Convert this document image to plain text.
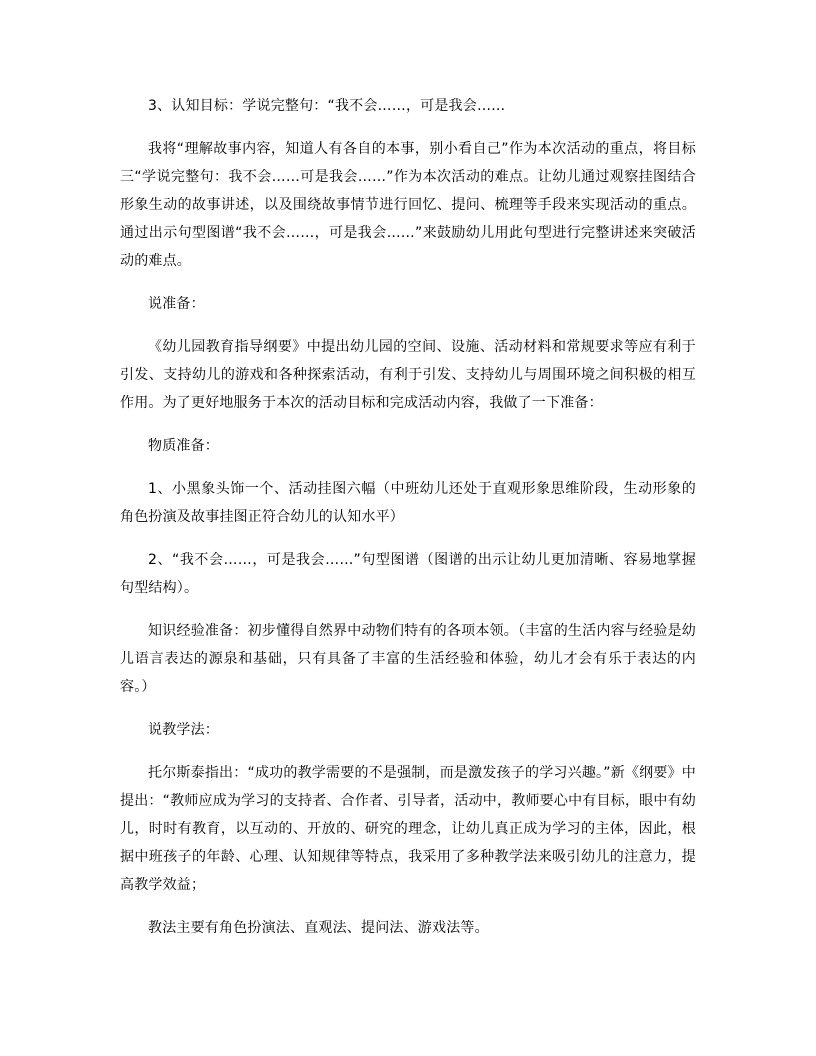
3、认知目标：学说完整句：“我不会……，可是我会……

我将“理解故事内容，知道人有各自的本事，别小看自己”作为本次活动的重点，将目标三“学说完整句：我不会……可是我会……”作为本次活动的难点。让幼儿通过观察挂图结合形象生动的故事讲述，以及围绕故事情节进行回忆、提问、梳理等手段来实现活动的重点。通过出示句型图谱“我不会……，可是我会……”来鼓励幼儿用此句型进行完整讲述来突破活动的难点。

说准备：

《幼儿园教育指导纲要》中提出幼儿园的空间、设施、活动材料和常规要求等应有利于引发、支持幼儿的游戏和各种探索活动，有利于引发、支持幼儿与周围环境之间积极的相互作用。为了更好地服务于本次的活动目标和完成活动内容，我做了一下准备：

物质准备：

1、小黑象头饰一个、活动挂图六幅（中班幼儿还处于直观形象思维阶段，生动形象的角色扮演及故事挂图正符合幼儿的认知水平）

2、“我不会……，可是我会……”句型图谱（图谱的出示让幼儿更加清晰、容易地掌握句型结构）。

知识经验准备：初步懂得自然界中动物们特有的各项本领。（丰富的生活内容与经验是幼儿语言表达的源泉和基础，只有具备了丰富的生活经验和体验，幼儿才会有乐于表达的内容。）

说教学法：

托尔斯泰指出：“成功的教学需要的不是强制，而是激发孩子的学习兴趣。”新《纲要》中提出：“教师应成为学习的支持者、合作者、引导者，活动中，教师要心中有目标，眼中有幼儿，时时有教育，以互动的、开放的、研究的理念，让幼儿真正成为学习的主体，因此，根据中班孩子的年龄、心理、认知规律等特点，我采用了多种教学法来吸引幼儿的注意力，提高教学效益；

教法主要有角色扮演法、直观法、提问法、游戏法等。
